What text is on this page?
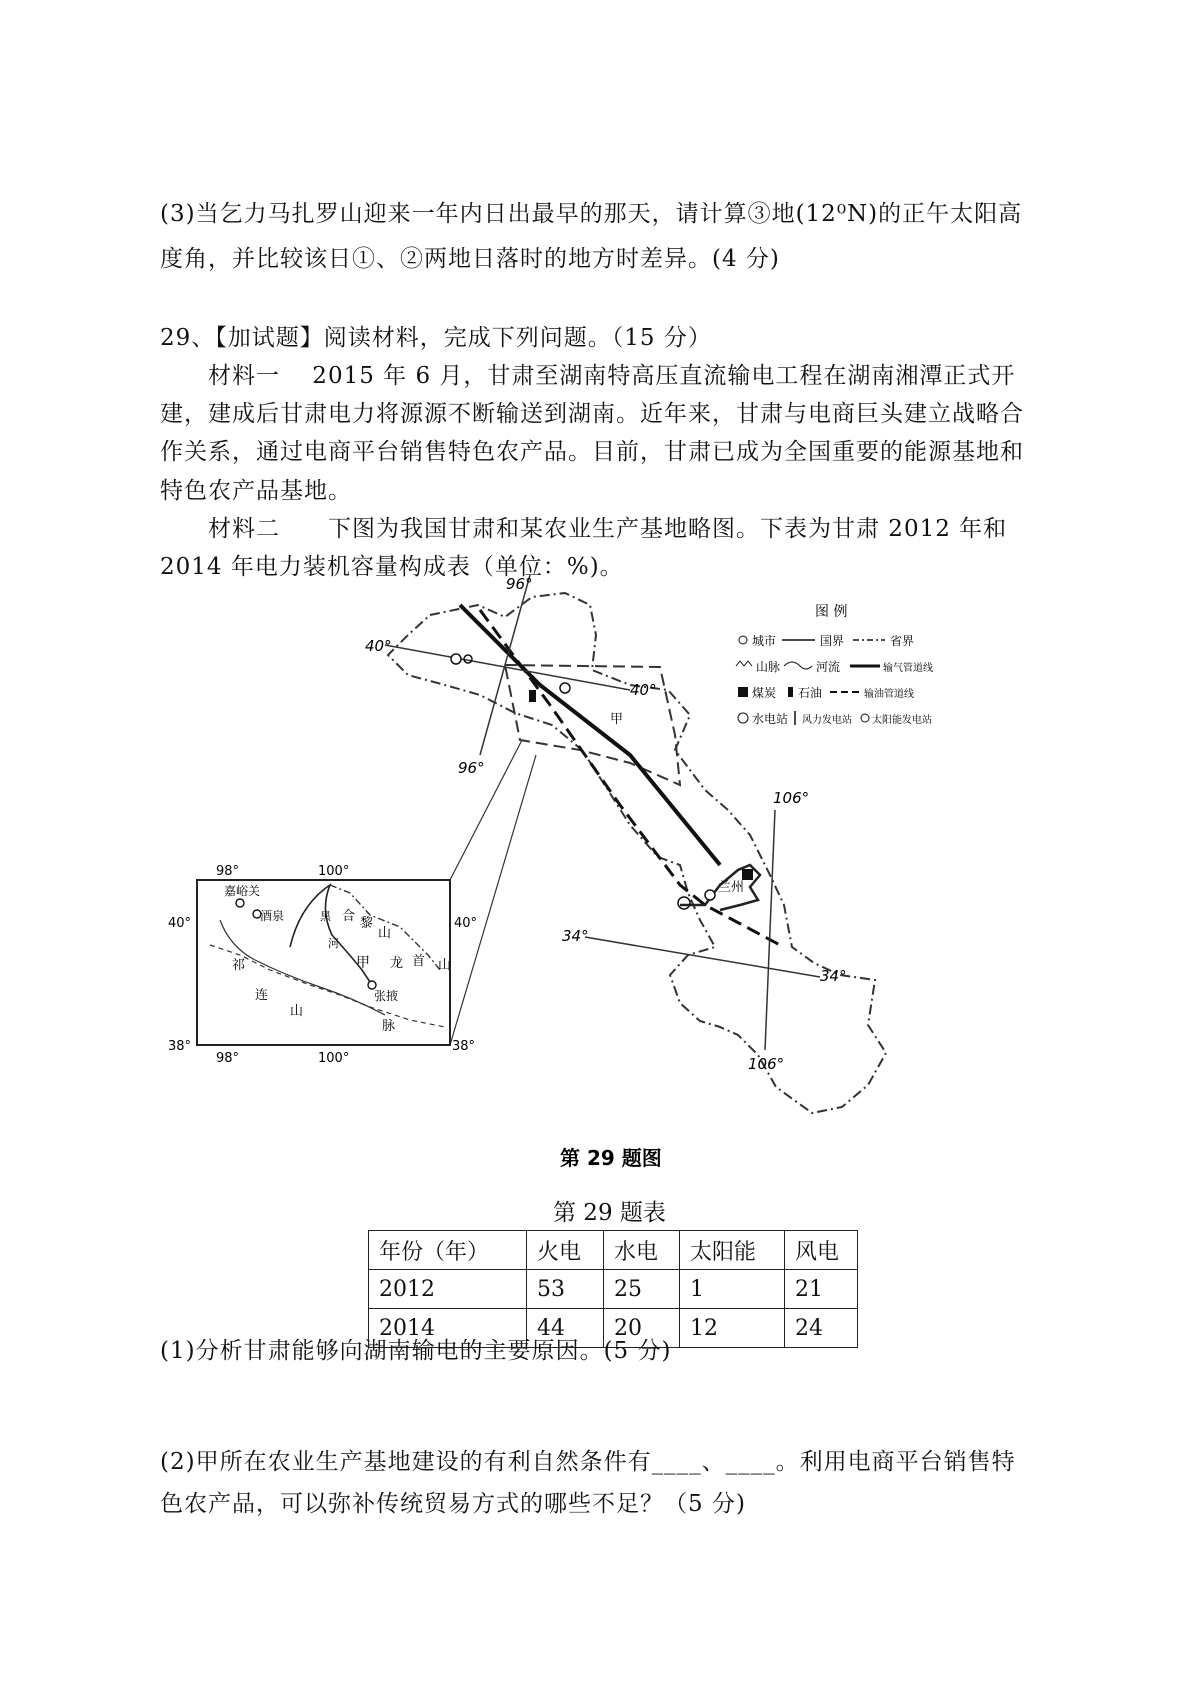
(3)当乞力马扎罗山迎来一年内日出最早的那天，请计算③地(12⁰N)的正午太阳高
度角，并比较该日①、②两地日落时的地方时差异。(4 分)
29、【加试题】阅读材料，完成下列问题。（15 分）
材料一　 2015 年 6 月，甘肃至湖南特高压直流输电工程在湖南湘潭正式开
建，建成后甘肃电力将源源不断输送到湖南。近年来，甘肃与电商巨头建立战略合
作关系，通过电商平台销售特色农产品。目前，甘肃已成为全国重要的能源基地和
特色农产品基地。
材料二　　下图为我国甘肃和某农业生产基地略图。下表为甘肃 2012 年和
2014 年电力装机容量构成表（单位：%)。
甲
兰州
96°
96°
106°
106°
40°
40°
34°
34°
图 例
城市	国界	省界
山脉	河流	输气管道线
煤炭 石油	输油管道线
水电站 风力发电站 太阳能发电站
嘉峪关
酒泉
张掖
黑
河
合 黎
山
祁
连
山
龙 首 山
甲
脉
98°	100°
98°	100°
40°	40°
38°	38°
第 29 题图
第 29 题表
年份（年）	火电	水电	太阳能	风电
2012	53	25	1	21
2014	44	20	12	24
(1)分析甘肃能够向湖南输电的主要原因。(5 分)
(2)甲所在农业生产基地建设的有利自然条件有____、____。利用电商平台销售特
色农产品，可以弥补传统贸易方式的哪些不足？（5 分)
